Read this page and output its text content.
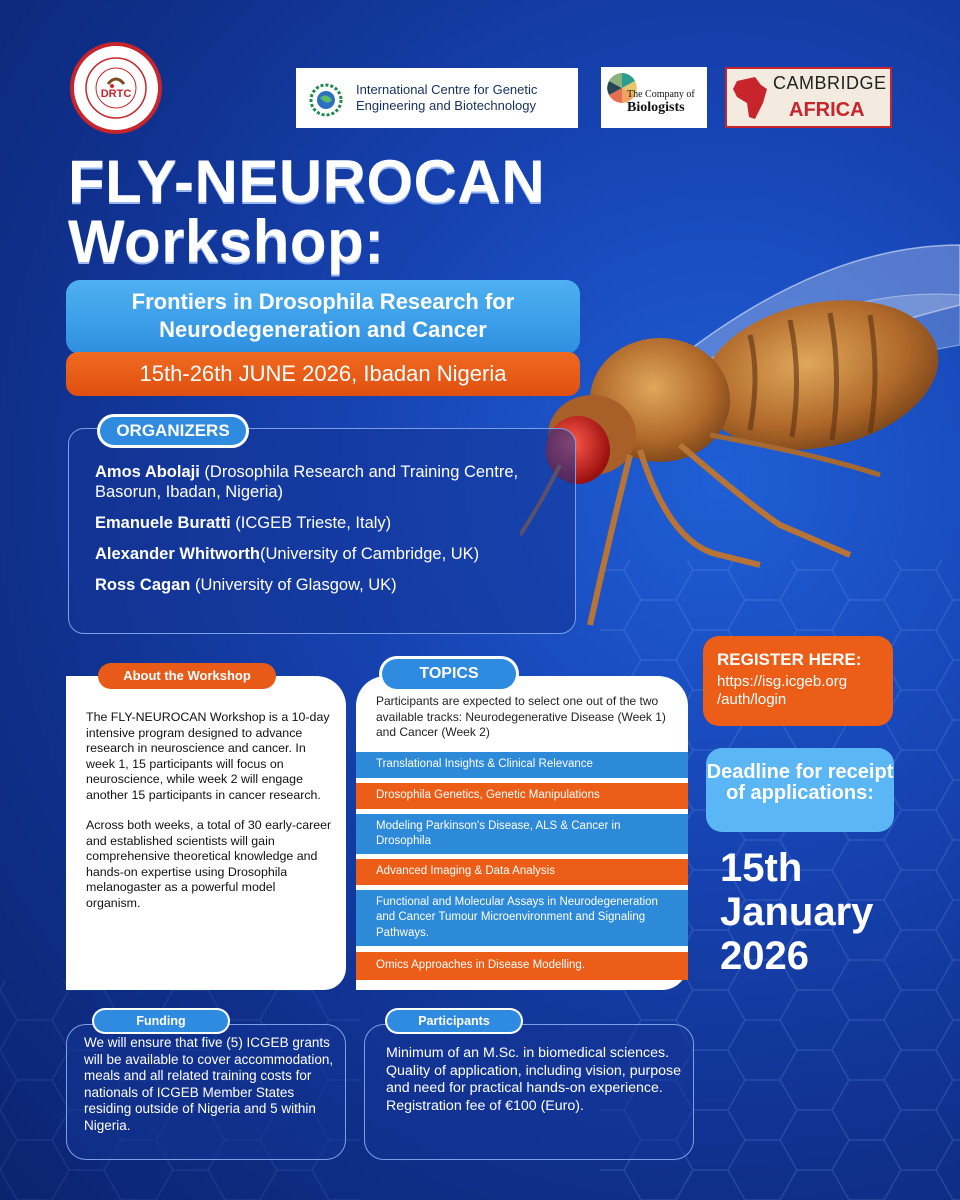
DRTC	International Centre for Genetic
Engineering and Biotechnology
The Company of
Biologists
CAMBRIDGE
AFRICA
FLY-NEUROCAN
Workshop:
Frontiers in Drosophila Research for
Neurodegeneration and Cancer
15th-26th JUNE 2026, Ibadan Nigeria
ORGANIZERS
Amos Abolaji (Drosophila Research and Training Centre, Basorun, Ibadan, Nigeria)
Emanuele Buratti (ICGEB Trieste, Italy)
Alexander Whitworth(University of Cambridge, UK)
Ross Cagan (University of Glasgow, UK)
About the Workshop

The FLY-NEUROCAN Workshop is a 10-day intensive program designed to advance research in neuroscience and cancer. In week 1, 15 participants will focus on neuroscience, while week 2 will engage another 15 participants in cancer research.

Across both weeks, a total of 30 early-career and established scientists will gain comprehensive theoretical knowledge and hands-on expertise using Drosophila melanogaster as a powerful model organism.

TOPICS
Participants are expected to select one out of the two available tracks: Neurodegenerative Disease (Week 1) and Cancer (Week 2)
Translational Insights & Clinical Relevance
Drosophila Genetics, Genetic Manipulations
Modeling Parkinson's Disease, ALS & Cancer in Drosophila
Advanced Imaging & Data Analysis
Functional and Molecular Assays in Neurodegeneration and Cancer Tumour Microenvironment and Signaling Pathways.
Omics Approaches in Disease Modelling.
Funding
We will ensure that five (5) ICGEB grants will be available to cover accommodation, meals and all related training costs for nationals of ICGEB Member States residing outside of Nigeria and 5 within Nigeria.
Participants
Minimum of an M.Sc. in biomedical sciences. Quality of application, including vision, purpose and need for practical hands-on experience. Registration fee of €100 (Euro).
REGISTER HERE:
https://isg.icgeb.org
/auth/login
Deadline for receipt of applications:
15th
January
2026
